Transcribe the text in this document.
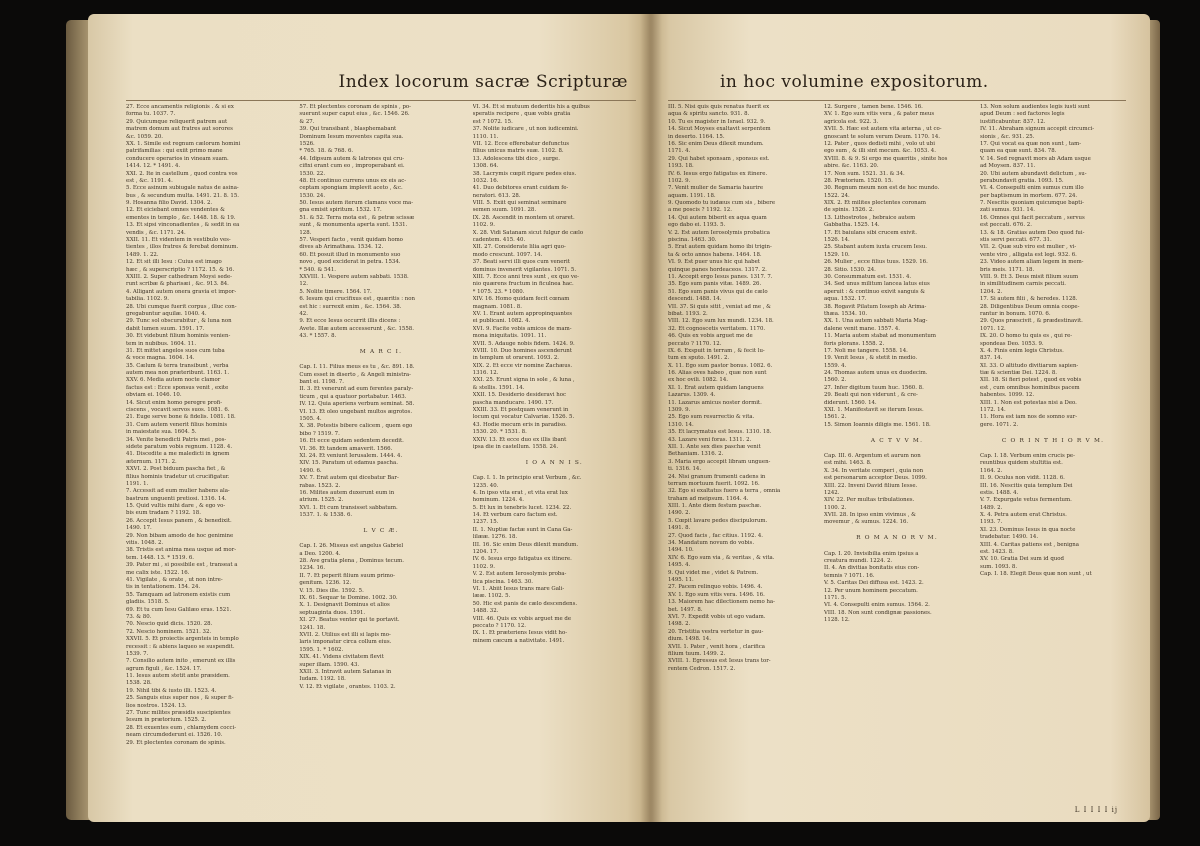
Index locorum sacræ Scripturæ
27. Ecce ancamentis religionis . & si ex
forma tu. 1037. 7.
29. Quicumque reliquerit patrem aut
matrem domum aut fratres aut sorores
&c. 1059. 20.
XX. 1. Simile est regnum cælorum homini
patrifamilias : qui exiit primo mane
conducere operarios in vineam suam.
1414. 12. * 1491. 4.
XXI. 2. Ite in castellum , quod contra vos
est , &c. 1191. 4.
5. Ecce asinum subiugale natus de asina-
bus , & secundum multa. 1491. 21. 8. 15.
9. Hosanna filio David. 1304. 2.
12. Et eiciebant omnes vendentes &
ementes in templo , &c. 1448. 18. & 19.
13. Et sipsi vinconadientes , & sedit in ea
vendis , &c. 1171. 24.
XXII. 11. Et videntem in vestibulo ves-
tientes , illos fratres & ferebat dominum.
1489. 1. 22.
12. Et sit illi Iesu : Cuius est imago
hæc , & superscriptio ? 1172. 15. & 16.
XXIII. 2. Super cathedram Moysi sede-
runt scribæ & pharisæi , &c. 913. 84.
4. Alligant autem onera gravia et impor-
tabilia. 1102. 9.
28. Ubi cumque fuerit corpus , illuc con-
gregabuntur aquilæ. 1040. 4.
29. Tunc sol obscurabitur , & luna non
dabit lumen suum. 1591. 17.
30. Et videbunt filium hominis venien-
tem in nubibus. 1604. 11.
31. Et mittet angelos suos cum tuba
& voce magna. 1604. 14.
35. Cælum & terra transibunt , verba
autem mea non præteribunt. 1163. 1.
XXV. 6. Media autem nocte clamor
factus est : Ecce sponsus venit , exite
obviam ei. 1046. 10.
14. Sicut enim homo peregre profi-
ciscens , vocavit servos suos. 1081. 6.
21. Euge serve bone & fidelis. 1081. 18.
31. Cum autem venerit filius hominis
in maiestate sua. 1604. 5.
34. Venite benedicti Patris mei , pos-
sidete paratum vobis regnum. 1128. 4.
41. Discedite a me maledicti in ignem
æternum. 1171. 2.
XXVI. 2. Post biduum pascha fiet , &
filius hominis tradetur ut crucifigatur.
1191. 1.
7. Accessit ad eum mulier habens ala-
bastrum unguenti pretiosi. 1316. 14.
15. Quid vultis mihi dare , & ego vo-
bis eum tradam ? 1192. 18.
26. Accepit Iesus panem , & benedixit.
1490. 17.
29. Non bibam amodo de hoc genimine
vitis. 1048. 2.
38. Tristis est anima mea usque ad mor-
tem. 1448. 13. * 1519. 6.
39. Pater mi , si possibile est , transeat a
me calix iste. 1522. 16.
41. Vigilate , & orate , ut non intre-
tis in tentationem. 154. 24.
55. Tamquam ad latronem existis cum
gladiis. 1518. 5.
69. Et tu cum Iesu Galilæo eras. 1521.
73. & 80.
70. Nescio quid dicis. 1520. 28.
72. Nescio hominem. 1521. 32.
XXVII. 5. Et proiectis argenteis in templo
recessit : & abiens laqueo se suspendit.
1539. 7.
7. Consilio autem inito , emerunt ex illis
agrum figuli , &c. 1524. 17.
11. Iesus autem stetit ante præsidem.
1538. 28.
19. Nihil tibi & iusto illi. 1523. 4.
25. Sanguis eius super nos , & super fi-
lios nostros. 1524. 13.
27. Tunc milites præsidis suscipientes
Iesum in prætorium. 1525. 2.
28. Et exuentes eum , chlamydem cocci-
neam circumdederunt ei. 1526. 10.
29. Et plectentes coronam de spinis.
57. Et plectentes coronam de spinis , po-
suerunt super caput eius , &c. 1546. 26.
& 27.
39. Qui transibant , blasphemabant
Dominum Iesum moventes capita sua.
1526.
* 765. 18. & 768. 6.
44. Idipsum autem & latrones qui cru-
cifixi erant cum eo , improperabant ei.
1530. 22.
48. Et continuo currens unus ex eis ac-
ceptam spongiam implevit aceto , &c.
1530. 24.
50. Iesus autem iterum clamans voce ma-
gna emisit spiritum. 1532. 17.
51. & 52. Terra mota est , & petræ scissæ
sunt , & monumenta aperta sunt. 1531.
128.
57. Vesperi facto , venit quidam homo
dives ab Arimathæa. 1534. 12.
60. Et posuit illud in monumento suo
novo , quod exciderat in petra. 1534.
* 540. & 541.
XXVIII. 1. Vespere autem sabbati. 1538.
12.
5. Nolite timere. 1564. 17.
6. Iesum qui crucifixus est , quæritis : non
est hic : surrexit enim , &c. 1564. 38.
42.
9. Et ecce Iesus occurrit illis dicens :
Avete. Illæ autem accesserunt , &c. 1558.
43. * 1557. 8.

M A R C I.

Cap. I. 11. Filius meus es tu , &c. 891. 18.
Cum esset in diserto , & Angeli ministra-
bant ei. 1198. 7.
II. 3. Et venerunt ad eum ferentes paraly-
ticum , qui a quatuor portabatur. 1463.
IV. 12. Quia aperiens verbum seminat. 58.
VI. 13. Et oleo ungebant multos ægrotos.
1505. 4.
X. 38. Potestis bibere calicem , quem ego
bibo ? 1519. 7.
16. Et ecce quidam sedentem decedit.
VI. 36. Et tandem amaverit. 1566.
XI. 24. Et veniunt Ierusalem. 1444. 4.
XIV. 15. Paratum ut edamus pascha.
1490. 6.
XV. 7. Erat autem qui dicebatur Bar-
rabas. 1523. 2.
16. Milites autem duxerunt eum in
atrium. 1525. 2.
XVI. 1. Et cum transisset sabbatum.
1537. 1. & 1538. 6.

L V C Æ.

Cap. I. 26. Missus est angelus Gabriel
a Deo. 1200. 4.
28. Ave gratia plena , Dominus tecum.
1234. 16.
II. 7. Et peperit filium suum primo-
genitum. 1236. 12.
V. 15. Dies ille. 1592. 5.
IX. 61. Sequar te Domine. 1002. 30.
X. 1. Designavit Dominus et alios
septuaginta duos. 1591.
XI. 27. Beatus venter qui te portavit.
1241. 18.
XVII. 2. Utilius est illi si lapis mo-
laris imponatur circa collum eius.
1595. 1. * 1602.
XIX. 41. Videns civitatem flevit
super illam. 1590. 43.
XXII. 3. Intravit autem Satanas in
Iudam. 1192. 18.
V. 12. Et vigilate , orantes. 1103. 2.
VI. 34. Et si mutuum dederitis his a quibus
speratis recipere , quæ vobis gratia
est ? 1072. 15.
37. Nolite iudicare , ut non iudicemini.
1110. 11.
VII. 12. Ecce efferebatur defunctus
filius unicus matris suæ. 1102. 8.
13. Adolescens tibi dico , surge.
1308. 64.
38. Lacrymis cœpit rigare pedes eius.
1032. 16.
41. Duo debitores erant cuidam fe-
neratori. 613. 28.
VIII. 5. Exiit qui seminat seminare
semen suum. 1091. 28.
IX. 28. Ascendit in montem ut oraret.
1102. 9.
X. 28. Vidi Satanam sicut fulgur de cælo
cadentem. 415. 40.
XII. 27. Considerate lilia agri quo-
modo crescunt. 1097. 14.
37. Beati servi illi quos cum venerit
dominus invenerit vigilantes. 1071. 5.
XIII. 7. Ecce anni tres sunt , ex quo ve-
nio quærens fructum in ficulnea hac.
* 1075. 23. * 1080.
XIV. 16. Homo quidam fecit cœnam
magnam. 1081. 8.
XV. 1. Erant autem appropinquantes
ei publicani. 1082. 4.
XVI. 9. Facite vobis amicos de mam-
mona iniquitatis. 1091. 11.
XVII. 5. Adauge nobis fidem. 1424. 9.
XVIII. 10. Duo homines ascenderunt
in templum ut orarent. 1093. 2.
XIX. 2. Et ecce vir nomine Zachæus.
1316. 12.
XXI. 25. Erunt signa in sole , & luna ,
& stellis. 1591. 14.
XXII. 15. Desiderio desideravi hoc
pascha manducare. 1490. 17.
XXIII. 33. Et postquam venerunt in
locum qui vocatur Calvariæ. 1526. 5.
43. Hodie mecum eris in paradiso.
1530. 20. * 1531. 8.
XXIV. 13. Et ecce duo ex illis ibant
ipsa die in castellum. 1558. 24.

I O A N N I S.

Cap. I. 1. In principio erat Verbum , &c.
1235. 40.
4. In ipso vita erat , et vita erat lux
hominum. 1224. 4.
5. Et lux in tenebris lucet. 1234. 22.
14. Et verbum caro factum est.
1237. 15.
II. 1. Nuptiæ factæ sunt in Cana Ga-
lilææ. 1276. 18.
III. 16. Sic enim Deus dilexit mundum.
1204. 17.
IV. 6. Iesus ergo fatigatus ex itinere.
1102. 9.
V. 2. Est autem Ierosolymis proba-
tica piscina. 1463. 30.
VI. 1. Abiit Iesus trans mare Gali-
lææ. 1102. 5.
50. Hic est panis de cælo descendens.
1488. 32.
VIII. 46. Quis ex vobis arguet me de
peccato ? 1170. 12.
IX. 1. Et præteriens Iesus vidit ho-
minem cæcum a nativitate. 1491.
in hoc volumine expositorum.
III. 5. Nisi quis quis renatus fuerit ex
aqua & spiritu sancto. 931. 8.
10. Tu es magister in Israel. 932. 9.
14. Sicut Moyses exaltavit serpentem
in deserto. 1164. 15.
16. Sic enim Deus dilexit mundum.
1171. 4.
29. Qui habet sponsam , sponsus est.
1193. 18.
IV. 6. Iesus ergo fatigatus ex itinere.
1102. 9.
7. Venit mulier de Samaria haurire
aquam. 1191. 18.
9. Quomodo tu iudæus cum sis , bibere
a me poscis ? 1192. 12.
14. Qui autem biberit ex aqua quam
ego dabo ei. 1193. 5.
V. 2. Est autem Ierosolymis probatica
piscina. 1463. 30.
5. Erat autem quidam homo ibi trigin-
ta & octo annos habens. 1464. 18.
VI. 9. Est puer unus hic qui habet
quinque panes hordeaceos. 1317. 2.
11. Accepit ergo Iesus panes. 1317. 7.
35. Ego sum panis vitæ. 1489. 26.
51. Ego sum panis vivus qui de cælo
descendi. 1488. 14.
VII. 37. Si quis sitit , veniat ad me , &
bibat. 1193. 2.
VIII. 12. Ego sum lux mundi. 1234. 18.
32. Et cognoscetis veritatem. 1170.
46. Quis ex vobis arguet me de
peccato ? 1170. 12.
IX. 6. Exspuit in terram , & fecit lu-
tum ex sputo. 1491. 2.
X. 11. Ego sum pastor bonus. 1082. 6.
16. Alias oves habeo , quæ non sunt
ex hoc ovili. 1082. 14.
XI. 1. Erat autem quidam languens
Lazarus. 1309. 4.
11. Lazarus amicus noster dormit.
1309. 9.
25. Ego sum resurrectio & vita.
1310. 14.
35. Et lacrymatus est Iesus. 1310. 18.
43. Lazare veni foras. 1311. 2.
XII. 1. Ante sex dies paschæ venit
Bethaniam. 1316. 2.
3. Maria ergo accepit libram unguen-
ti. 1316. 14.
24. Nisi granum frumenti cadens in
terram mortuum fuerit. 1092. 16.
32. Ego si exaltatus fuero a terra , omnia
traham ad meipsum. 1164. 4.
XIII. 1. Ante diem festum paschæ.
1490. 2.
5. Cœpit lavare pedes discipulorum.
1491. 8.
27. Quod facis , fac citius. 1192. 4.
34. Mandatum novum do vobis.
1494. 10.
XIV. 6. Ego sum via , & veritas , & vita.
1495. 4.
9. Qui videt me , videt & Patrem.
1495. 11.
27. Pacem relinquo vobis. 1496. 4.
XV. 1. Ego sum vitis vera. 1496. 16.
13. Maiorem hac dilectionem nemo ha-
bet. 1497. 8.
XVI. 7. Expedit vobis ut ego vadam.
1498. 2.
20. Tristitia vestra vertetur in gau-
dium. 1498. 14.
XVII. 1. Pater , venit hora , clarifica
filium tuum. 1499. 2.
XVIII. 1. Egressus est Iesus trans tor-
rentem Cedron. 1517. 2.
12. Surgere , tamen bene. 1546. 16.
XV. 1. Ego sum vitis vera , & pater meus
agricola est. 922. 3.
XVII. 5. Hæc est autem vita æterna , ut co-
gnoscant te solum verum Deum. 1170. 14.
12. Pater , quos dedisti mihi , volo ut ubi
ego sum , & illi sint mecum. &c. 1053. 4.
XVIII. 8. & 9. Si ergo me quæritis , sinite hos
abire. &c. 1163. 20.
17. Non sum. 1521. 31. & 34.
28. Prætorium. 1520. 15.
30. Regnum meum non est de hoc mundo.
1522. 24.
XIX. 2. Et milites plectentes coronam
de spinis. 1526. 2.
13. Lithostrotos , hebraice autem
Gabbatha. 1525. 14.
17. Et baiulans sibi crucem exivit.
1526. 14.
25. Stabant autem iuxta crucem Iesu.
1529. 10.
26. Mulier , ecce filius tuus. 1529. 16.
28. Sitio. 1530. 24.
30. Consummatum est. 1531. 4.
34. Sed unus militum lancea latus eius
aperuit : & continuo exivit sanguis &
aqua. 1532. 17.
38. Rogavit Pilatum Ioseph ab Arima-
thæa. 1534. 10.
XX. 1. Una autem sabbati Maria Mag-
dalene venit mane. 1557. 4.
11. Maria autem stabat ad monumentum
foris plorans. 1558. 2.
17. Noli me tangere. 1558. 14.
19. Venit Iesus , & stetit in medio.
1559. 4.
24. Thomas autem unus ex duodecim.
1560. 2.
27. Infer digitum tuum huc. 1560. 8.
29. Beati qui non viderunt , & cre-
diderunt. 1560. 14.
XXI. 1. Manifestavit se iterum Iesus.
1561. 2.
15. Simon Ioannis diligis me. 1561. 18.

A C T V V M.

Cap. III. 6. Argentum et aurum non
est mihi. 1463. 8.
X. 34. In veritate comperi , quia non
est personarum acceptor Deus. 1099.
XIII. 22. Inveni David filium Iesse.
1242.
XIV. 22. Per multas tribulationes.
1100. 2.
XVII. 28. In ipso enim vivimus , &
movemur , & sumus. 1224. 16.

R O M A N O R V M.

Cap. I. 20. Invisibilia enim ipsius a
creatura mundi. 1224. 2.
II. 4. An divitias bonitatis eius con-
temnis ? 1071. 16.
V. 5. Caritas Dei diffusa est. 1423. 2.
12. Per unum hominem peccatum.
1171. 5.
VI. 4. Consepulti enim sumus. 1564. 2.
VIII. 18. Non sunt condignæ passiones.
1128. 12.
13. Non solum audientes legis iusti sunt
apud Deum : sed factores legis
iustificabuntur. 837. 12.
IV. 11. Abraham signum accepit circumci-
sionis , &c. 931. 25.
17. Qui vocat ea quæ non sunt , tam-
quam ea quæ sunt. 834. 78.
V. 14. Sed regnavit mors ab Adam usque
ad Moysen. 837. 11.
20. Ubi autem abundavit delictum , su-
perabundavit gratia. 1093. 15.
VI. 4. Consepulti enim sumus cum illo
per baptismum in mortem. 677. 24.
7. Nescitis quoniam quicumque bapti-
zati sumus. 931. 14.
16. Omnes qui facit peccatum , servus
est peccati. 676. 2.
13. & 18. Gratias autem Deo quod fui-
stis servi peccati. 677. 31.
VII. 2. Quæ sub viro est mulier , vi-
vente viro , alligata est legi. 932. 6.
23. Video autem aliam legem in mem-
bris meis. 1171. 18.
VIII. 9. Et 3. Deus misit filium suum
in similitudinem carnis peccati.
1204. 2.
17. Si autem filii , & heredes. 1128.
28. Diligentibus Deum omnia coope-
rantur in bonum. 1070. 6.
29. Quos præscivit , & prædestinavit.
1071. 12.
IX. 20. O homo tu quis es , qui re-
spondeas Deo. 1053. 9.
X. 4. Finis enim legis Christus.
837. 14.
XI. 33. O altitudo divitiarum sapien-
tiæ & scientiæ Dei. 1224. 8.
XII. 18. Si fieri potest , quod ex vobis
est , cum omnibus hominibus pacem
habentes. 1099. 12.
XIII. 1. Non est potestas nisi a Deo.
1172. 14.
11. Hora est iam nos de somno sur-
gere. 1071. 2.

C O R I N T H I O R V M.

Cap. I. 18. Verbum enim crucis pe-
reuntibus quidem stultitia est.
1164. 2.
II. 9. Oculus non vidit. 1128. 6.
III. 16. Nescitis quia templum Dei
estis. 1488. 4.
V. 7. Expurgate vetus fermentum.
1489. 2.
X. 4. Petra autem erat Christus.
1193. 7.
XI. 23. Dominus Iesus in qua nocte
tradebatur. 1490. 14.
XIII. 4. Caritas patiens est , benigna
est. 1423. 8.
XV. 10. Gratia Dei sum id quod
sum. 1093. 8.
Cap. I. 18. Elegit Deus quæ non sunt , ut
L I I I I ij
